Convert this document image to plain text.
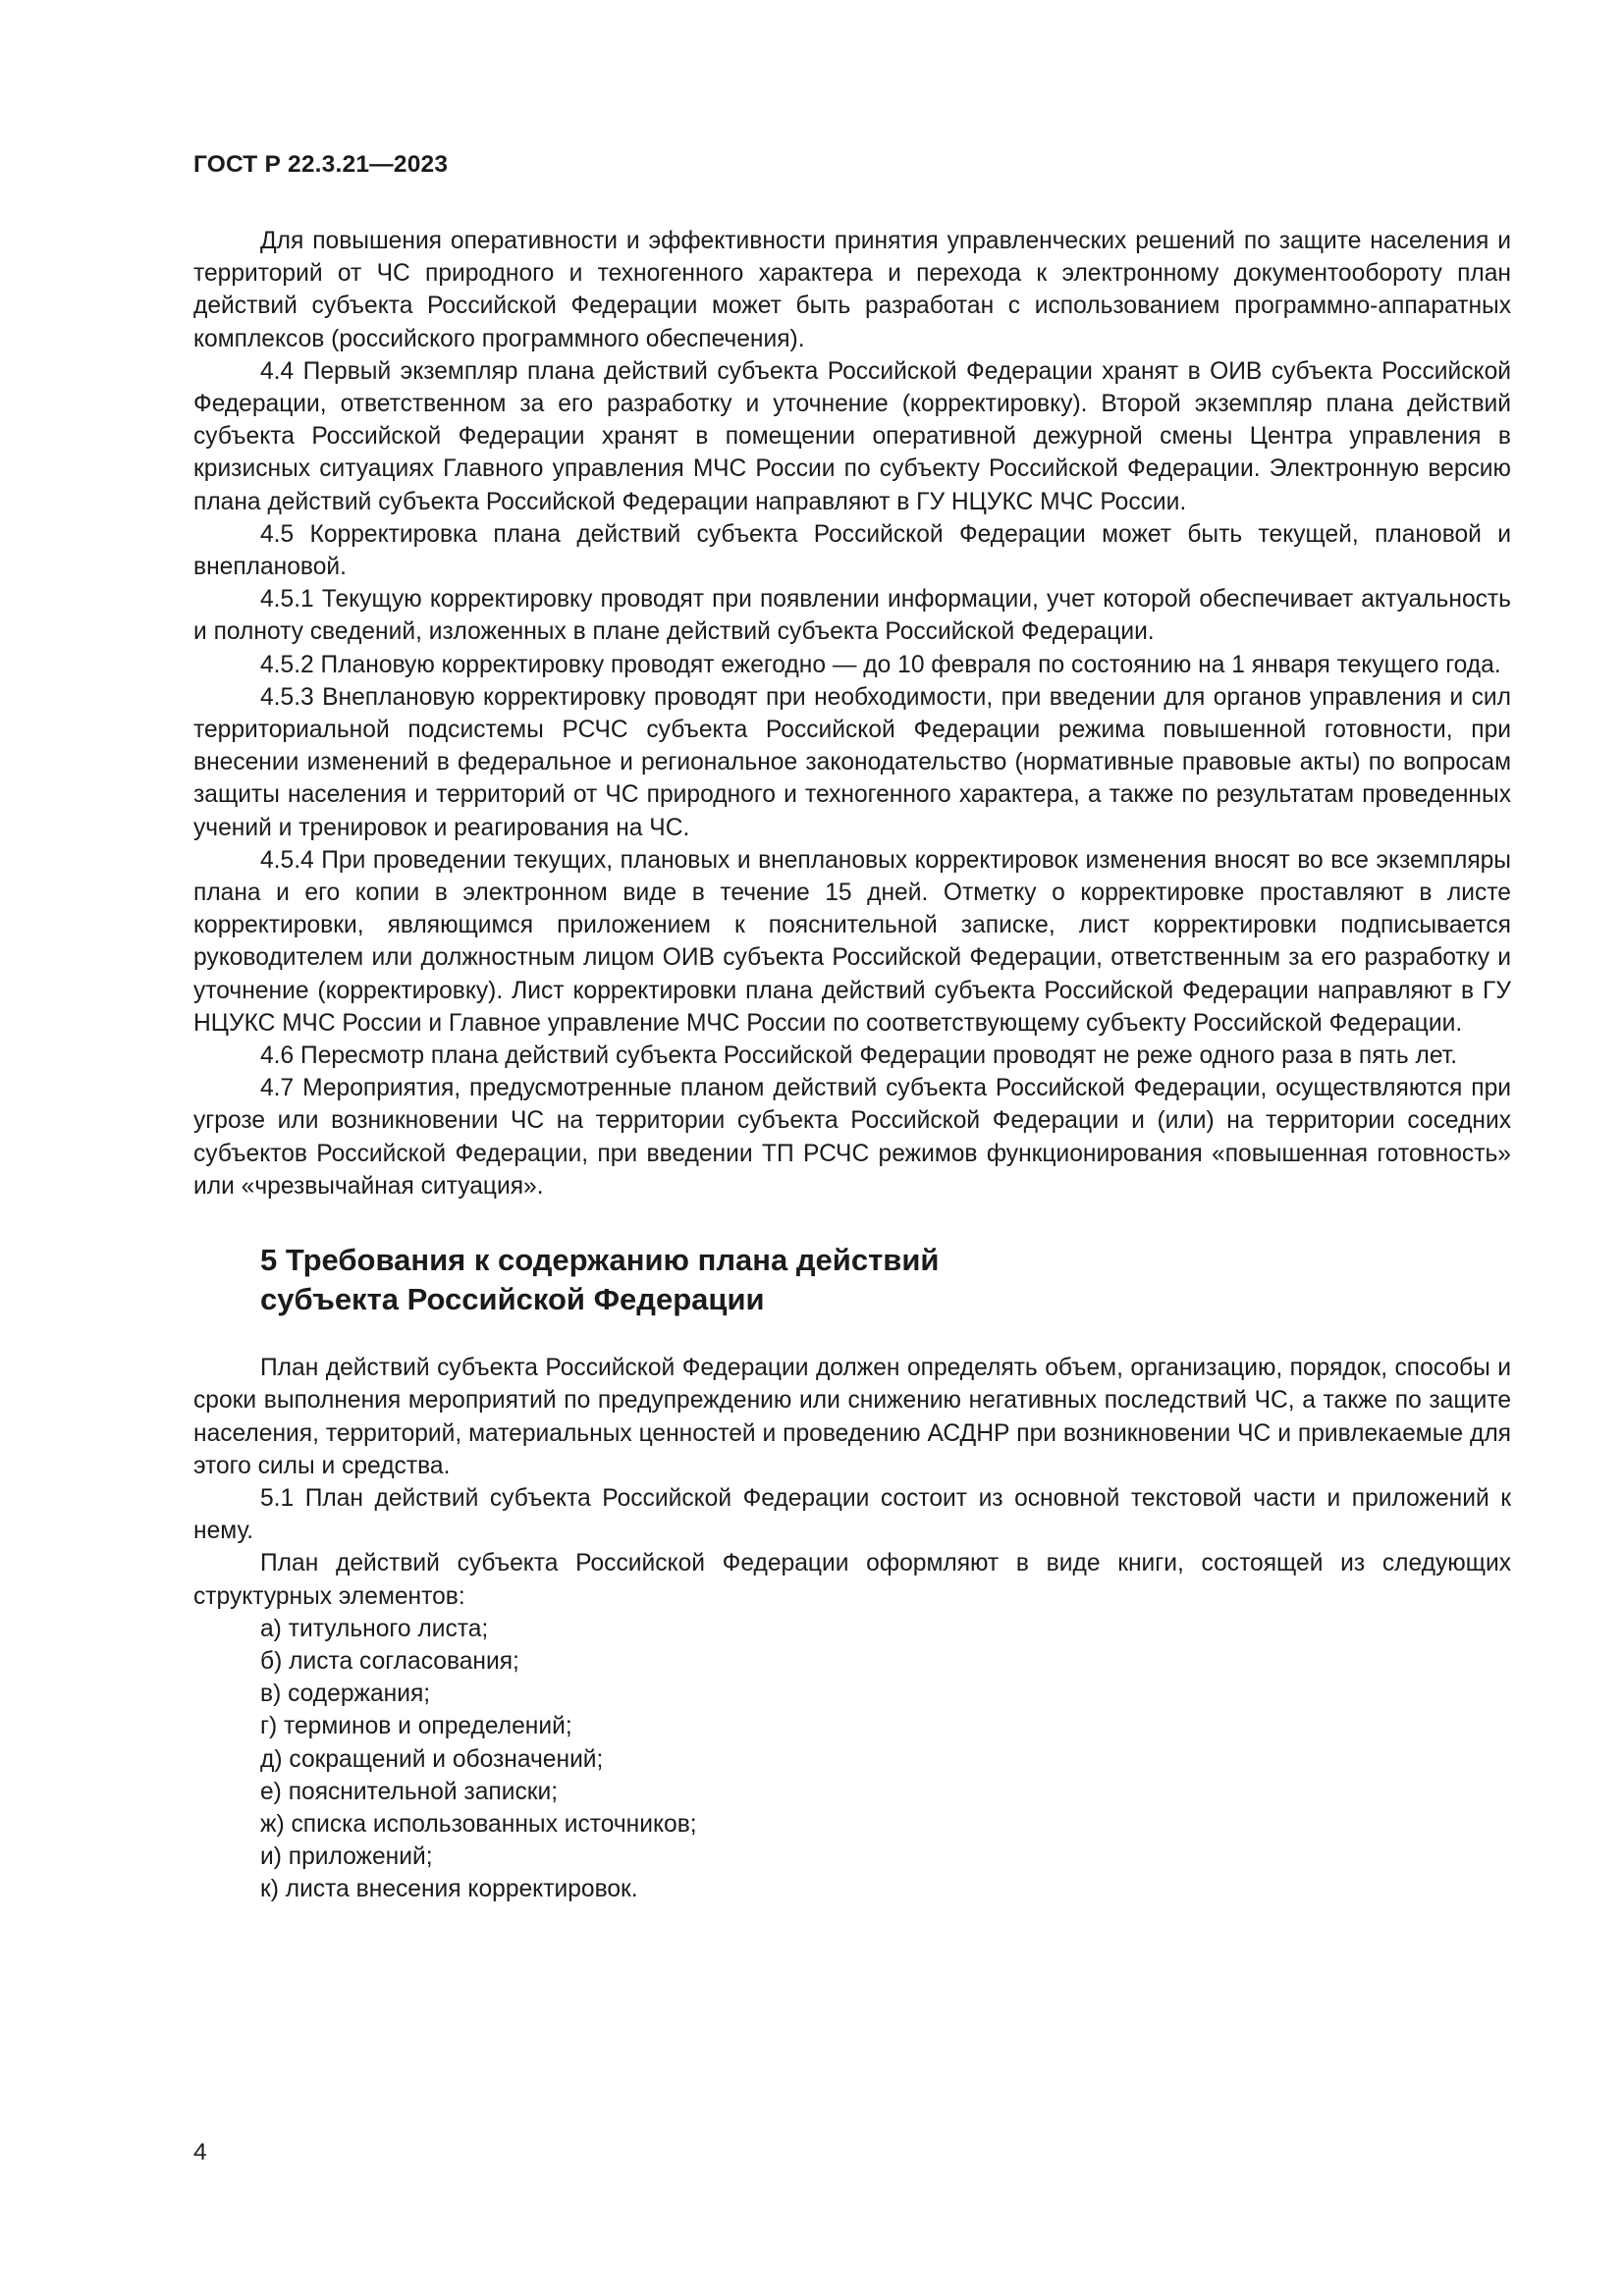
ГОСТ Р 22.3.21—2023

Для повышения оперативности и эффективности принятия управленческих решений по защите населения и территорий от ЧС природного и техногенного характера и перехода к электронному документообороту план действий субъекта Российской Федерации может быть разработан с использованием программно-аппаратных комплексов (российского программного обеспечения).

4.4 Первый экземпляр плана действий субъекта Российской Федерации хранят в ОИВ субъекта Российской Федерации, ответственном за его разработку и уточнение (корректировку). Второй экземпляр плана действий субъекта Российской Федерации хранят в помещении оперативной дежурной смены Центра управления в кризисных ситуациях Главного управления МЧС России по субъекту Российской Федерации. Электронную версию плана действий субъекта Российской Федерации направляют в ГУ НЦУКС МЧС России.

4.5 Корректировка плана действий субъекта Российской Федерации может быть текущей, плановой и внеплановой.

4.5.1 Текущую корректировку проводят при появлении информации, учет которой обеспечивает актуальность и полноту сведений, изложенных в плане действий субъекта Российской Федерации.

4.5.2 Плановую корректировку проводят ежегодно — до 10 февраля по состоянию на 1 января текущего года.

4.5.3 Внеплановую корректировку проводят при необходимости, при введении для органов управления и сил территориальной подсистемы РСЧС субъекта Российской Федерации режима повышенной готовности, при внесении изменений в федеральное и региональное законодательство (нормативные правовые акты) по вопросам защиты населения и территорий от ЧС природного и техногенного характера, а также по результатам проведенных учений и тренировок и реагирования на ЧС.

4.5.4 При проведении текущих, плановых и внеплановых корректировок изменения вносят во все экземпляры плана и его копии в электронном виде в течение 15 дней. Отметку о корректировке проставляют в листе корректировки, являющимся приложением к пояснительной записке, лист корректировки подписывается руководителем или должностным лицом ОИВ субъекта Российской Федерации, ответственным за его разработку и уточнение (корректировку). Лист корректировки плана действий субъекта Российской Федерации направляют в ГУ НЦУКС МЧС России и Главное управление МЧС России по соответствующему субъекту Российской Федерации.

4.6 Пересмотр плана действий субъекта Российской Федерации проводят не реже одного раза в пять лет.

4.7 Мероприятия, предусмотренные планом действий субъекта Российской Федерации, осуществляются при угрозе или возникновении ЧС на территории субъекта Российской Федерации и (или) на территории соседних субъектов Российской Федерации, при введении ТП РСЧС режимов функционирования «повышенная готовность» или «чрезвычайная ситуация».

5 Требования к содержанию плана действий
субъекта Российской Федерации

План действий субъекта Российской Федерации должен определять объем, организацию, порядок, способы и сроки выполнения мероприятий по предупреждению или снижению негативных последствий ЧС, а также по защите населения, территорий, материальных ценностей и проведению АСДНР при возникновении ЧС и привлекаемые для этого силы и средства.

5.1 План действий субъекта Российской Федерации состоит из основной текстовой части и приложений к нему.

План действий субъекта Российской Федерации оформляют в виде книги, состоящей из следующих структурных элементов:

а) титульного листа;
б) листа согласования;
в) содержания;
г) терминов и определений;
д) сокращений и обозначений;
е) пояснительной записки;
ж) списка использованных источников;
и) приложений;
к) листа внесения корректировок.
4
